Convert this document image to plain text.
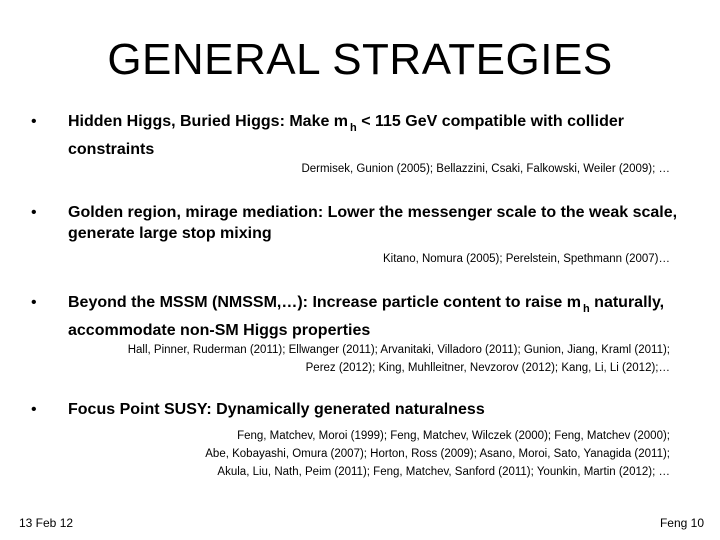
GENERAL STRATEGIES
• Hidden Higgs, Buried Higgs: Make m $_h$ < 115 GeV compatible with collider constraints
Dermisek, Gunion (2005); Bellazzini, Csaki, Falkowski, Weiler (2009); …
• Golden region, mirage mediation: Lower the messenger scale to the weak scale, generate large stop mixing
Kitano, Nomura (2005); Perelstein, Spethmann (2007)…
• Beyond the MSSM (NMSSM,…): Increase particle content to raise m $_h$ naturally, accommodate non-SM Higgs properties
Hall, Pinner, Ruderman (2011); Ellwanger (2011); Arvanitaki, Villadoro (2011); Gunion, Jiang, Kraml (2011);
Perez (2012); King, Muhlleitner, Nevzorov (2012); Kang, Li, Li (2012);…
• Focus Point SUSY: Dynamically generated naturalness
Feng, Matchev, Moroi (1999); Feng, Matchev, Wilczek (2000); Feng, Matchev (2000);
Abe, Kobayashi, Omura (2007); Horton, Ross (2009); Asano, Moroi, Sato, Yanagida (2011);
Akula, Liu, Nath, Peim (2011); Feng, Matchev, Sanford (2011); Younkin, Martin (2012); …
13 Feb 12	Feng 10
